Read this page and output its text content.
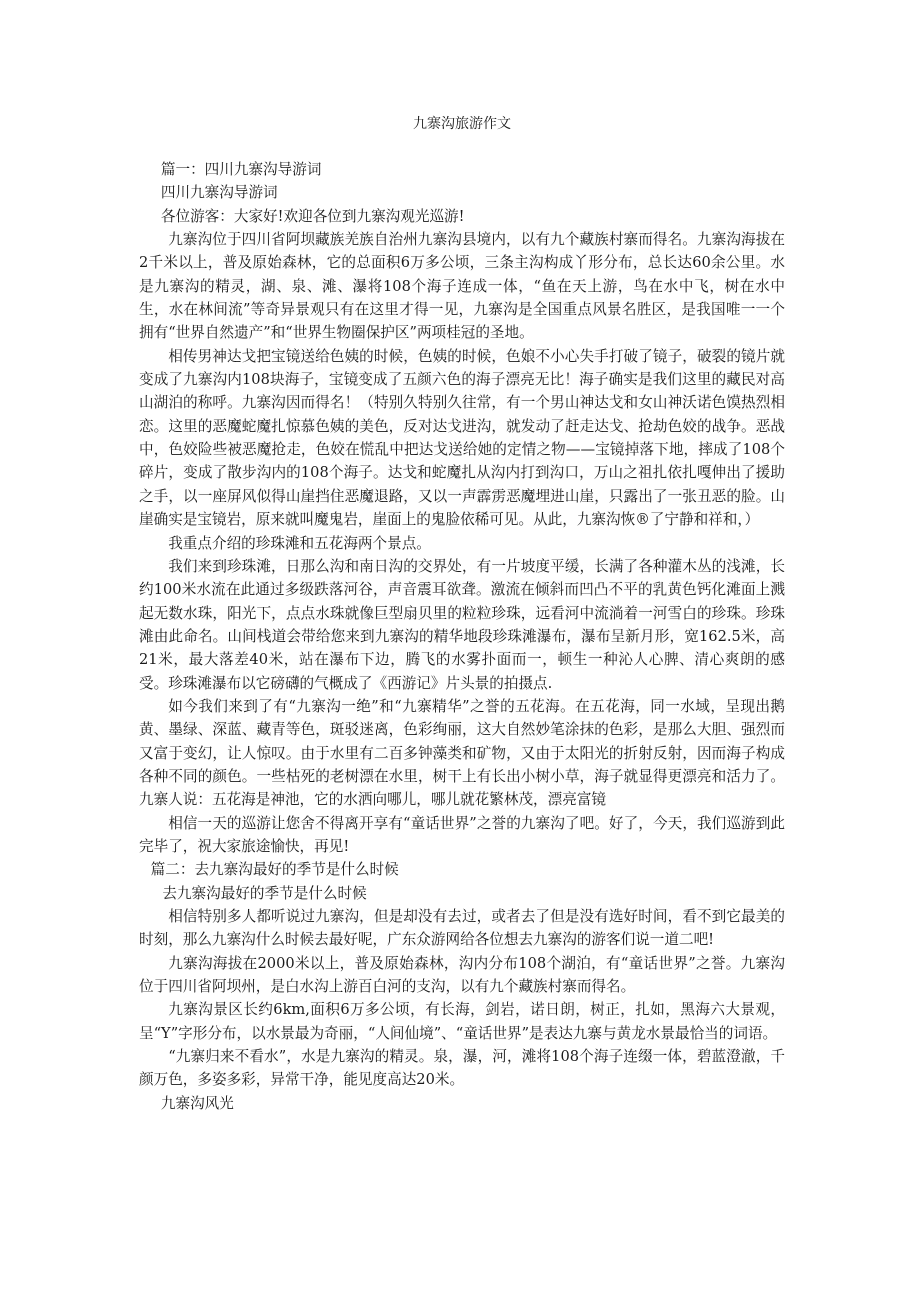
九寨沟旅游作文

篇一：四川九寨沟导游词

四川九寨沟导游词

各位游客：大家好!欢迎各位到九寨沟观光巡游!

九寨沟位于四川省阿坝藏族羌族自治州九寨沟县境内，以有九个藏族村寨而得名。九寨沟海拔在2千米以上，普及原始森林，它的总面积6万多公顷，三条主沟构成丫形分布，总长达60余公里。水是九寨沟的精灵，湖、泉、滩、瀑将108个海子连成一体，“鱼在天上游，鸟在水中飞，树在水中生，水在林间流”等奇异景观只有在这里才得一见，九寨沟是全国重点风景名胜区，是我国唯一一个拥有“世界自然遗产”和“世界生物圈保护区”两项桂冠的圣地。

相传男神达戈把宝镜送给色姨的时候，色姨的时候，色娘不小心失手打破了镜子，破裂的镜片就变成了九寨沟内108块海子，宝镜变成了五颜六色的海子漂亮无比！海子确实是我们这里的藏民对高山湖泊的称呼。九寨沟因而得名！（特别久特别久往常，有一个男山神达戈和女山神沃诺色馍热烈相恋。这里的恶魔蛇魔扎惊慕色姨的美色，反对达戈进沟，就发动了赶走达戈、抢劫色姣的战争。恶战中，色姣险些被恶魔抢走，色姣在慌乱中把达戈送给她的定情之物——宝镜掉落下地，摔成了108个碎片，变成了散步沟内的108个海子。达戈和蛇魔扎从沟内打到沟口，万山之祖扎依扎嘎伸出了援助之手，以一座屏风似得山崖挡住恶魔退路，又以一声霹雳恶魔埋进山崖，只露出了一张丑恶的脸。山崖确实是宝镜岩，原来就叫魔鬼岩，崖面上的鬼脸依稀可见。从此，九寨沟恢®了宁静和祥和，）

我重点介绍的珍珠滩和五花海两个景点。

我们来到珍珠滩，日那么沟和南日沟的交界处，有一片坡度平缓，长满了各种灌木丛的浅滩，长约100米水流在此通过多级跌落河谷，声音震耳欲聋。激流在倾斜而凹凸不平的乳黄色钙化滩面上溅起无数水珠，阳光下，点点水珠就像巨型扇贝里的粒粒珍珠，远看河中流淌着一河雪白的珍珠。珍珠滩由此命名。山间栈道会带给您来到九寨沟的精华地段珍珠滩瀑布，瀑布呈新月形，宽162.5米，高21米，最大落差40米，站在瀑布下边，腾飞的水雾扑面而一，顿生一种沁人心脾、清心爽朗的感受。珍珠滩瀑布以它磅礴的气概成了《西游记》片头景的拍摄点.

如今我们来到了有“九寨沟一绝”和“九寨精华”之誉的五花海。在五花海，同一水域，呈现出鹅黄、墨绿、深蓝、藏青等色，斑驳迷离，色彩绚丽，这大自然妙笔涂抹的色彩，是那么大胆、强烈而又富于变幻，让人惊叹。由于水里有二百多钟藻类和矿物，又由于太阳光的折射反射，因而海子构成各种不同的颜色。一些枯死的老树漂在水里，树干上有长出小树小草，海子就显得更漂亮和活力了。九寨人说：五花海是神池，它的水洒向哪儿，哪儿就花繁林茂，漂亮富镜

相信一天的巡游让您舍不得离开享有“童话世界”之誉的九寨沟了吧。好了，今天，我们巡游到此完毕了，祝大家旅途愉快，再见!

篇二：去九寨沟最好的季节是什么时候

去九寨沟最好的季节是什么时候

相信特别多人都听说过九寨沟，但是却没有去过，或者去了但是没有选好时间，看不到它最美的时刻，那么九寨沟什么时候去最好呢，广东众游网给各位想去九寨沟的游客们说一道二吧!

九寨沟海拔在2000米以上，普及原始森林，沟内分布108个湖泊，有“童话世界”之誉。九寨沟位于四川省阿坝州，是白水沟上游百白河的支沟，以有九个藏族村寨而得名。

九寨沟景区长约6km,面积6万多公顷，有长海，剑岩，诺日朗，树正，扎如，黑海六大景观，呈“Y”字形分布，以水景最为奇丽，“人间仙境”、“童话世界”是表达九寨与黄龙水景最恰当的词语。

“九寨归来不看水”，水是九寨沟的精灵。泉，瀑，河，滩将108个海子连缀一体，碧蓝澄澈，千颜万色，多姿多彩，异常干净，能见度高达20米。

九寨沟风光
